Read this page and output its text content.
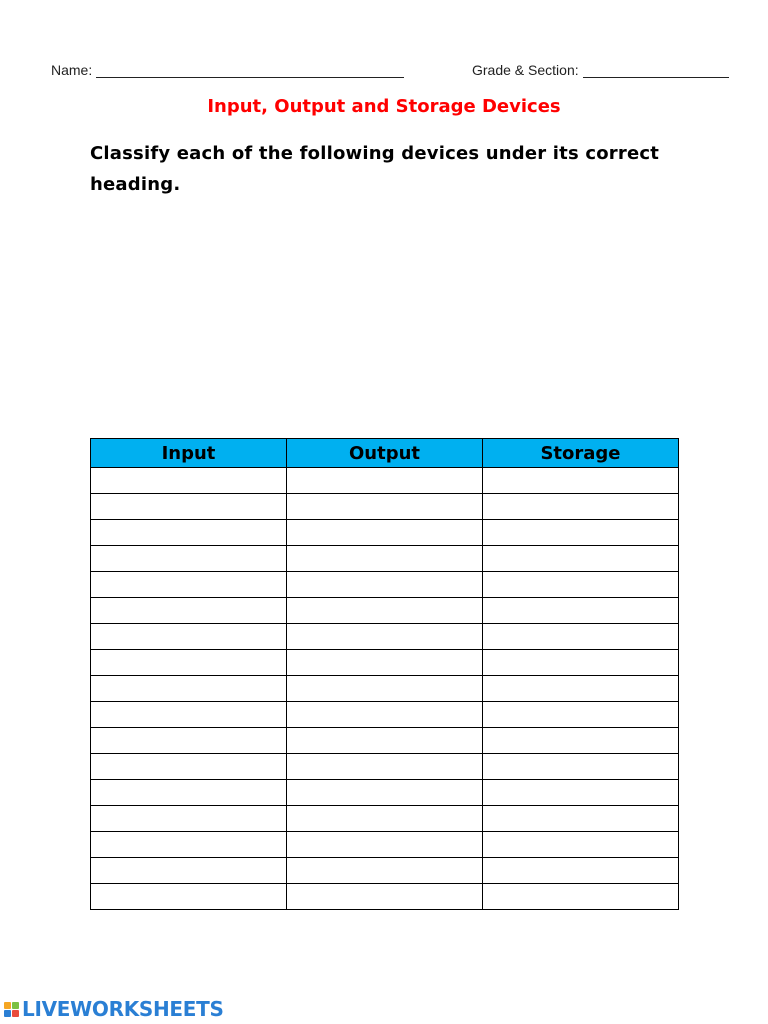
Name:	Grade & Section:
Input, Output and Storage Devices
Classify each of the following devices under its correct heading.
Input	Output	Storage

LIVEWORKSHEETS
